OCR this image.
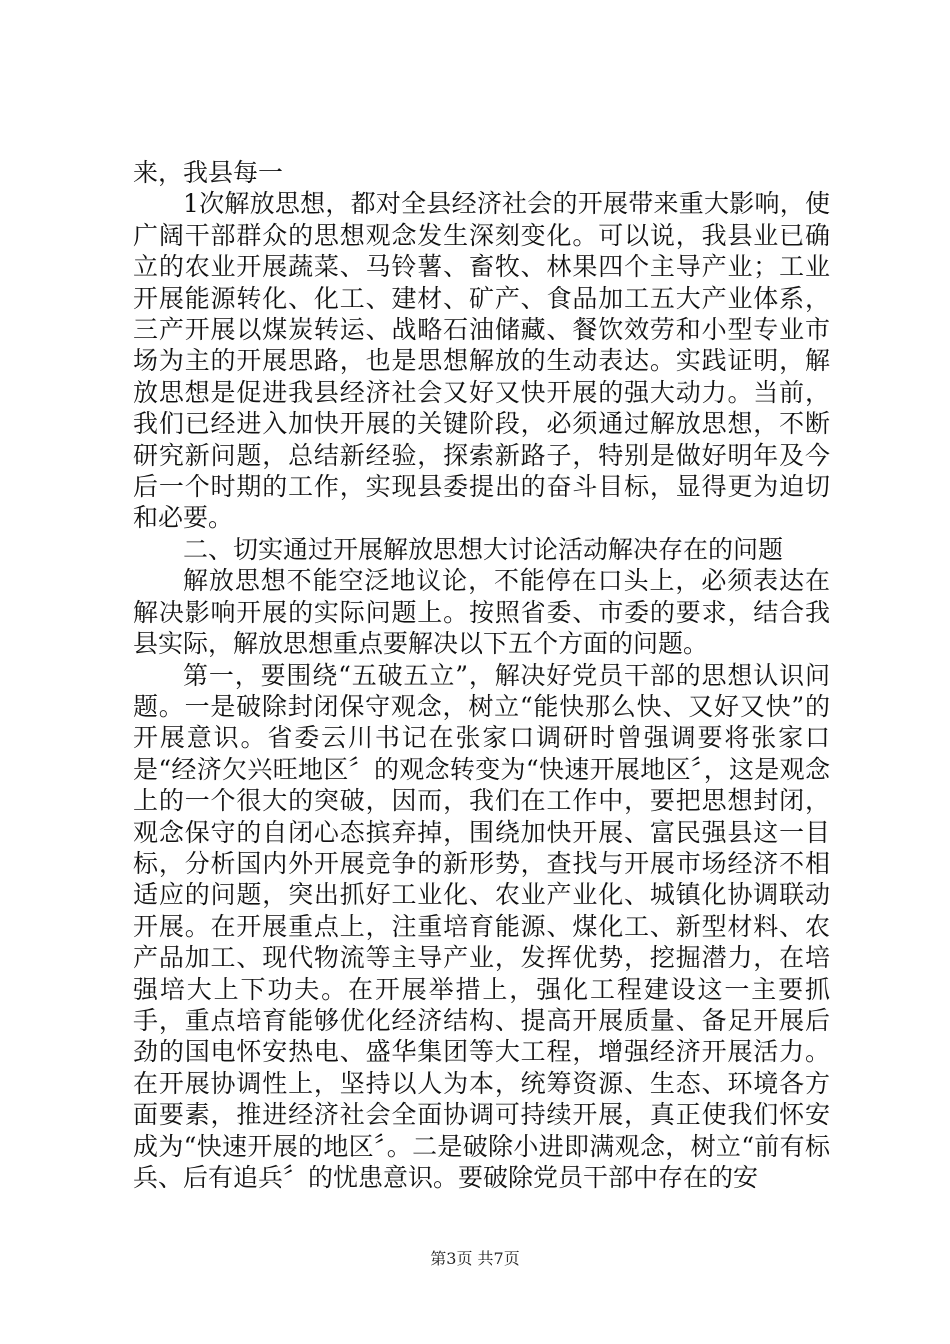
来，我县每一

1次解放思想，都对全县经济社会的开展带来重大影响，使广阔干部群众的思想观念发生深刻变化。可以说，我县业已确立的农业开展蔬菜、马铃薯、畜牧、林果四个主导产业；工业开展能源转化、化工、建材、矿产、食品加工五大产业体系，三产开展以煤炭转运、战略石油储藏、餐饮效劳和小型专业市场为主的开展思路，也是思想解放的生动表达。实践证明，解放思想是促进我县经济社会又好又快开展的强大动力。当前，我们已经进入加快开展的关键阶段，必须通过解放思想，不断研究新问题，总结新经验，探索新路子，特别是做好明年及今后一个时期的工作，实现县委提出的奋斗目标，显得更为迫切和必要。

二、切实通过开展解放思想大讨论活动解决存在的问题

解放思想不能空泛地议论，不能停在口头上，必须表达在解决影响开展的实际问题上。按照省委、市委的要求，结合我县实际，解放思想重点要解决以下五个方面的问题。

第一，要围绕“五破五立”，解决好党员干部的思想认识问题。一是破除封闭保守观念，树立“能快那么快、又好又快”的开展意识。省委云川书记在张家口调研时曾强调要将张家口是“经济欠兴旺地区〞的观念转变为“快速开展地区〞，这是观念上的一个很大的突破，因而，我们在工作中，要把思想封闭，观念保守的自闭心态摈弃掉，围绕加快开展、富民强县这一目标，分析国内外开展竞争的新形势，查找与开展市场经济不相适应的问题，突出抓好工业化、农业产业化、城镇化协调联动开展。在开展重点上，注重培育能源、煤化工、新型材料、农产品加工、现代物流等主导产业，发挥优势，挖掘潜力，在培强培大上下功夫。在开展举措上，强化工程建设这一主要抓手，重点培育能够优化经济结构、提高开展质量、备足开展后劲的国电怀安热电、盛华集团等大工程，增强经济开展活力。在开展协调性上，坚持以人为本，统筹资源、生态、环境各方面要素，推进经济社会全面协调可持续开展，真正使我们怀安成为“快速开展的地区〞。二是破除小进即满观念，树立“前有标兵、后有追兵〞的忧患意识。要破除党员干部中存在的安

第3页 共7页
